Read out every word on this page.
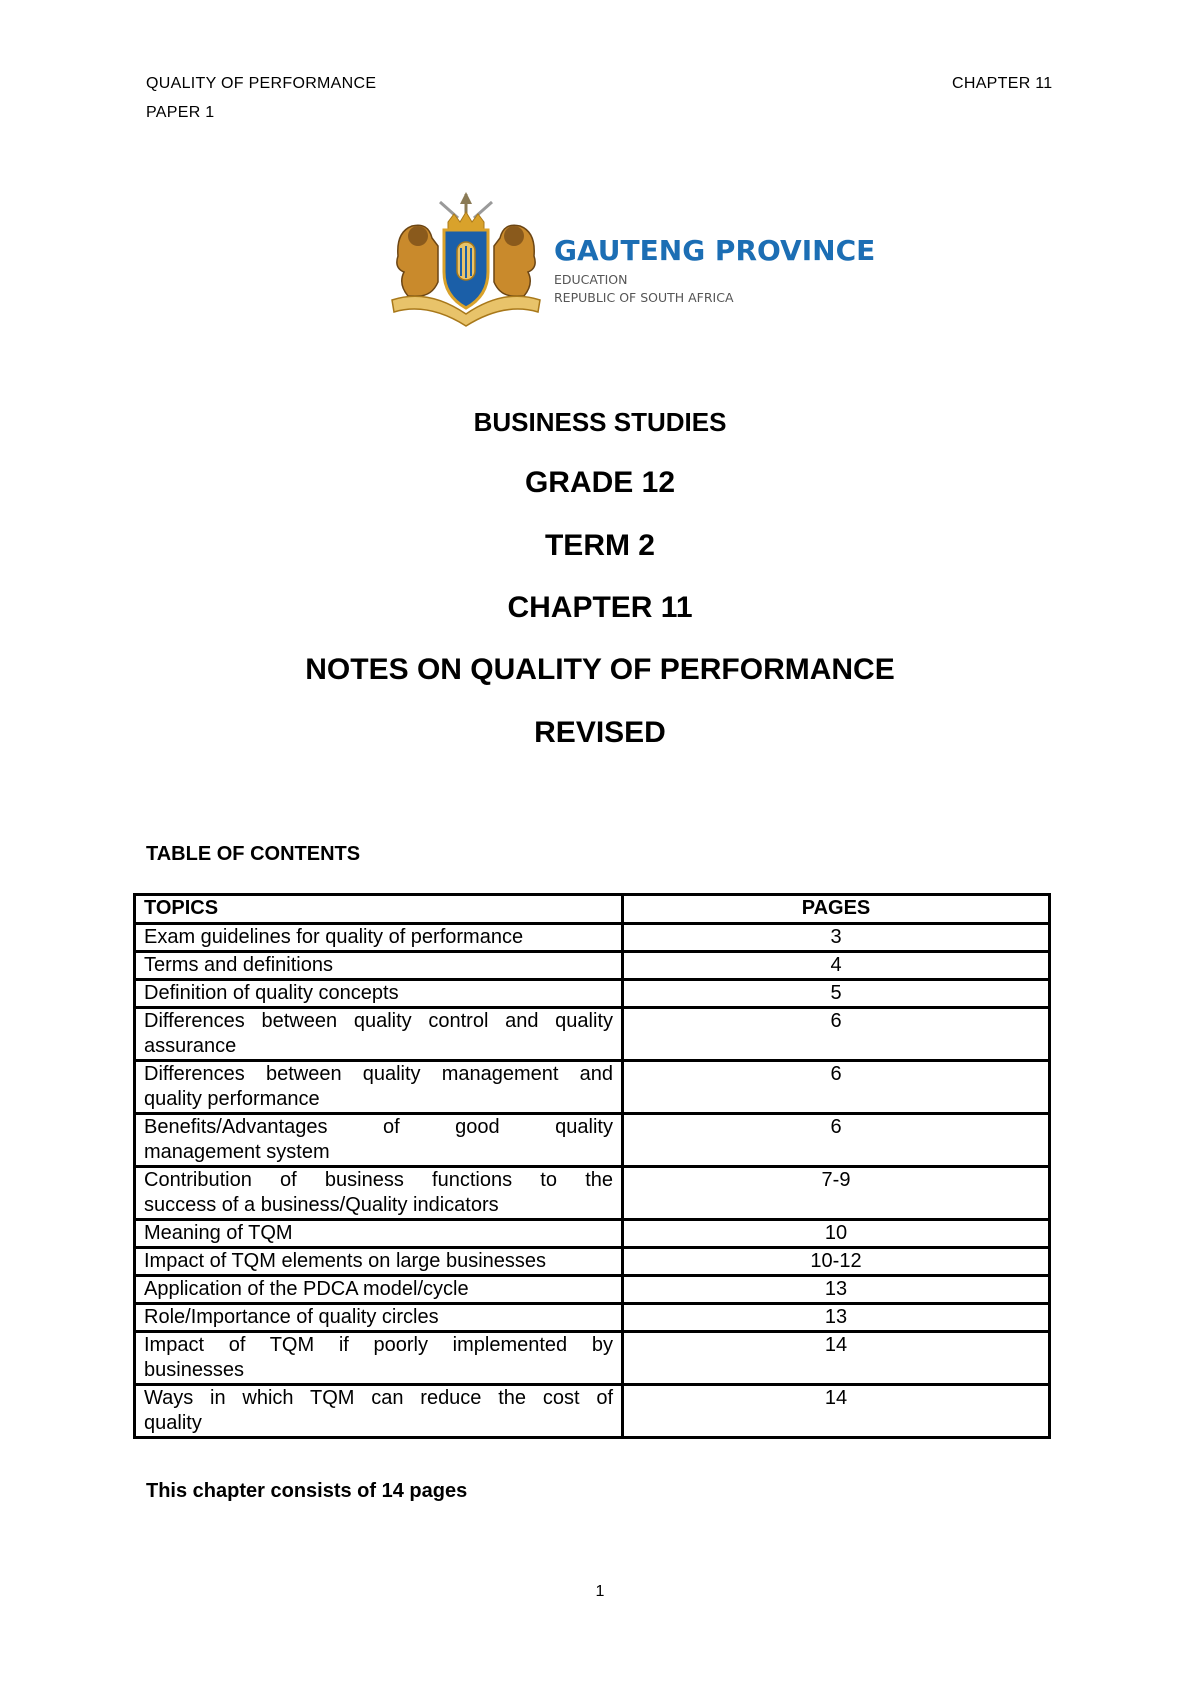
QUALITY OF PERFORMANCE
PAPER 1
CHAPTER 11
GAUTENG PROVINCE
EDUCATION
REPUBLIC OF SOUTH AFRICA
BUSINESS STUDIES
GRADE 12
TERM 2
CHAPTER 11
NOTES ON QUALITY OF PERFORMANCE
REVISED
TABLE OF CONTENTS
TOPICS	PAGES
Exam guidelines for quality of performance	3
Terms and definitions	4
Definition of quality concepts	5

Differences between quality control and quality
assurance	6

Differences between quality management and
quality performance	6

Benefits/Advantages of good quality
management system	6

Contribution of business functions to the
success of a business/Quality indicators	7-9
Meaning of TQM	10
Impact of TQM elements on large businesses	10-12
Application of the PDCA model/cycle	13
Role/Importance of quality circles	13

Impact of TQM if poorly implemented by
businesses	14

Ways in which TQM can reduce the cost of
quality	14
This chapter consists of 14 pages
1
